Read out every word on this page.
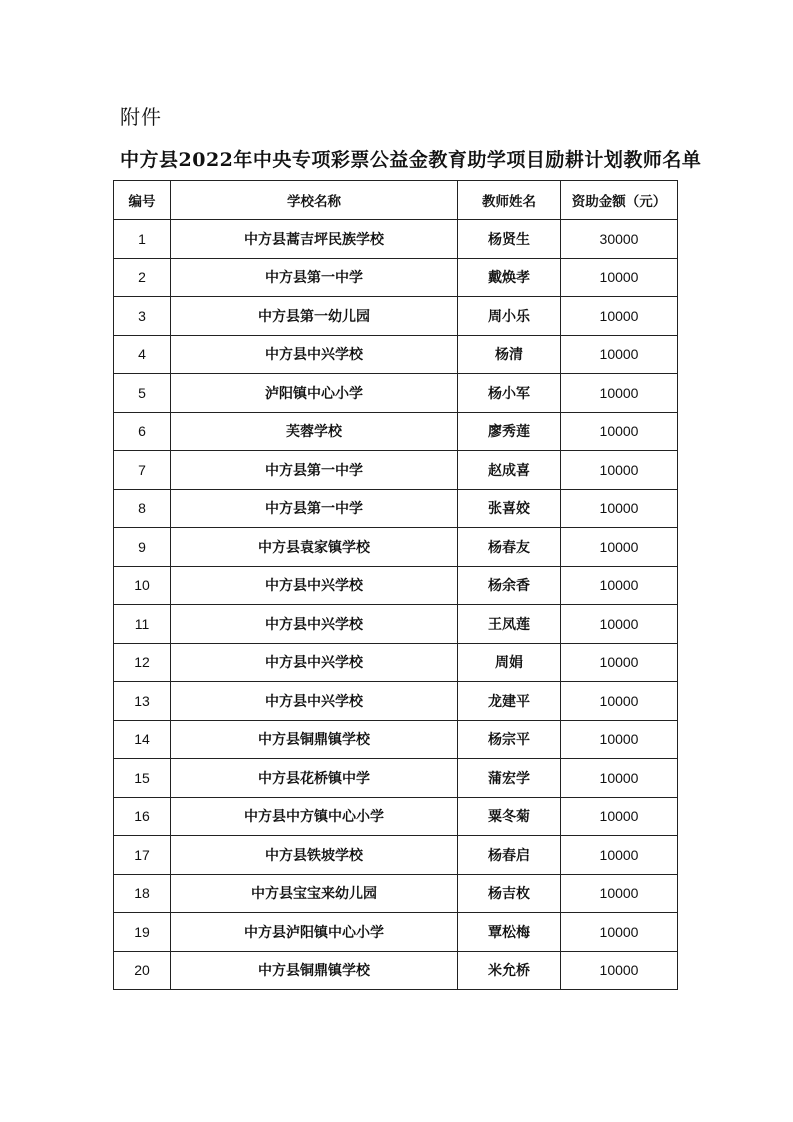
附件
中方县2022年中央专项彩票公益金教育助学项目励耕计划教师名单
编号	学校名称	教师姓名	资助金额（元）
1	中方县蒿吉坪民族学校	杨贤生	30000
2	中方县第一中学	戴焕孝	10000
3	中方县第一幼儿园	周小乐	10000
4	中方县中兴学校	杨清	10000
5	泸阳镇中心小学	杨小军	10000
6	芙蓉学校	廖秀莲	10000
7	中方县第一中学	赵成喜	10000
8	中方县第一中学	张喜姣	10000
9	中方县袁家镇学校	杨春友	10000
10	中方县中兴学校	杨余香	10000
11	中方县中兴学校	王凤莲	10000
12	中方县中兴学校	周娟	10000
13	中方县中兴学校	龙建平	10000
14	中方县铜鼎镇学校	杨宗平	10000
15	中方县花桥镇中学	蒲宏学	10000
16	中方县中方镇中心小学	粟冬菊	10000
17	中方县铁坡学校	杨春启	10000
18	中方县宝宝来幼儿园	杨吉枚	10000
19	中方县泸阳镇中心小学	覃松梅	10000
20	中方县铜鼎镇学校	米允桥	10000
